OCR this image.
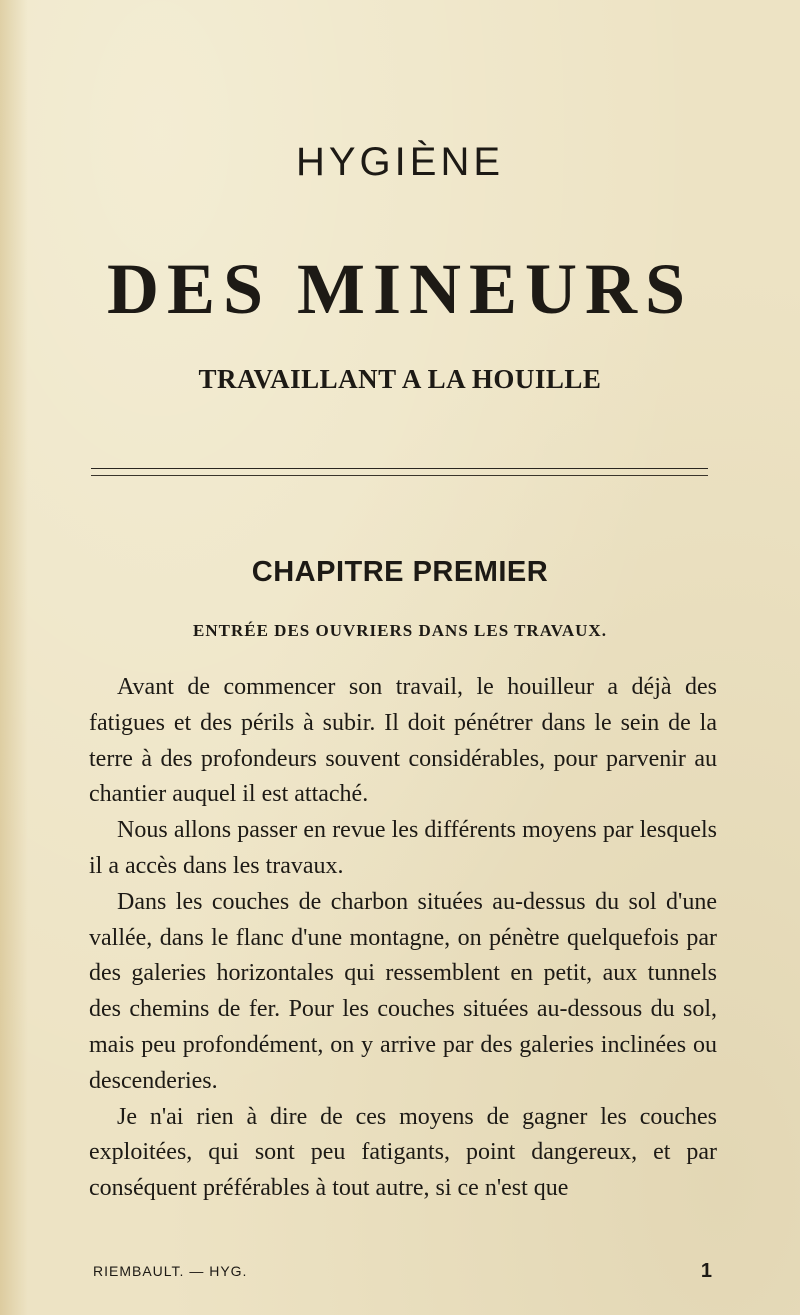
HYGIÈNE
DES MINEURS
TRAVAILLANT A LA HOUILLE
CHAPITRE PREMIER
ENTRÉE DES OUVRIERS DANS LES TRAVAUX.

Avant de commencer son travail, le houilleur a déjà des fatigues et des périls à subir. Il doit pénétrer dans le sein de la terre à des profondeurs souvent considérables, pour parvenir au chantier auquel il est attaché.

Nous allons passer en revue les différents moyens par lesquels il a accès dans les travaux.

Dans les couches de charbon situées au-dessus du sol d'une vallée, dans le flanc d'une montagne, on pénètre quelquefois par des galeries horizontales qui ressemblent en petit, aux tunnels des chemins de fer. Pour les couches situées au-dessous du sol, mais peu profondément, on y arrive par des galeries inclinées ou descenderies.

Je n'ai rien à dire de ces moyens de gagner les couches exploitées, qui sont peu fatigants, point dangereux, et par conséquent préférables à tout autre, si ce n'est que

RIEMBAULT. — HYG.	1
